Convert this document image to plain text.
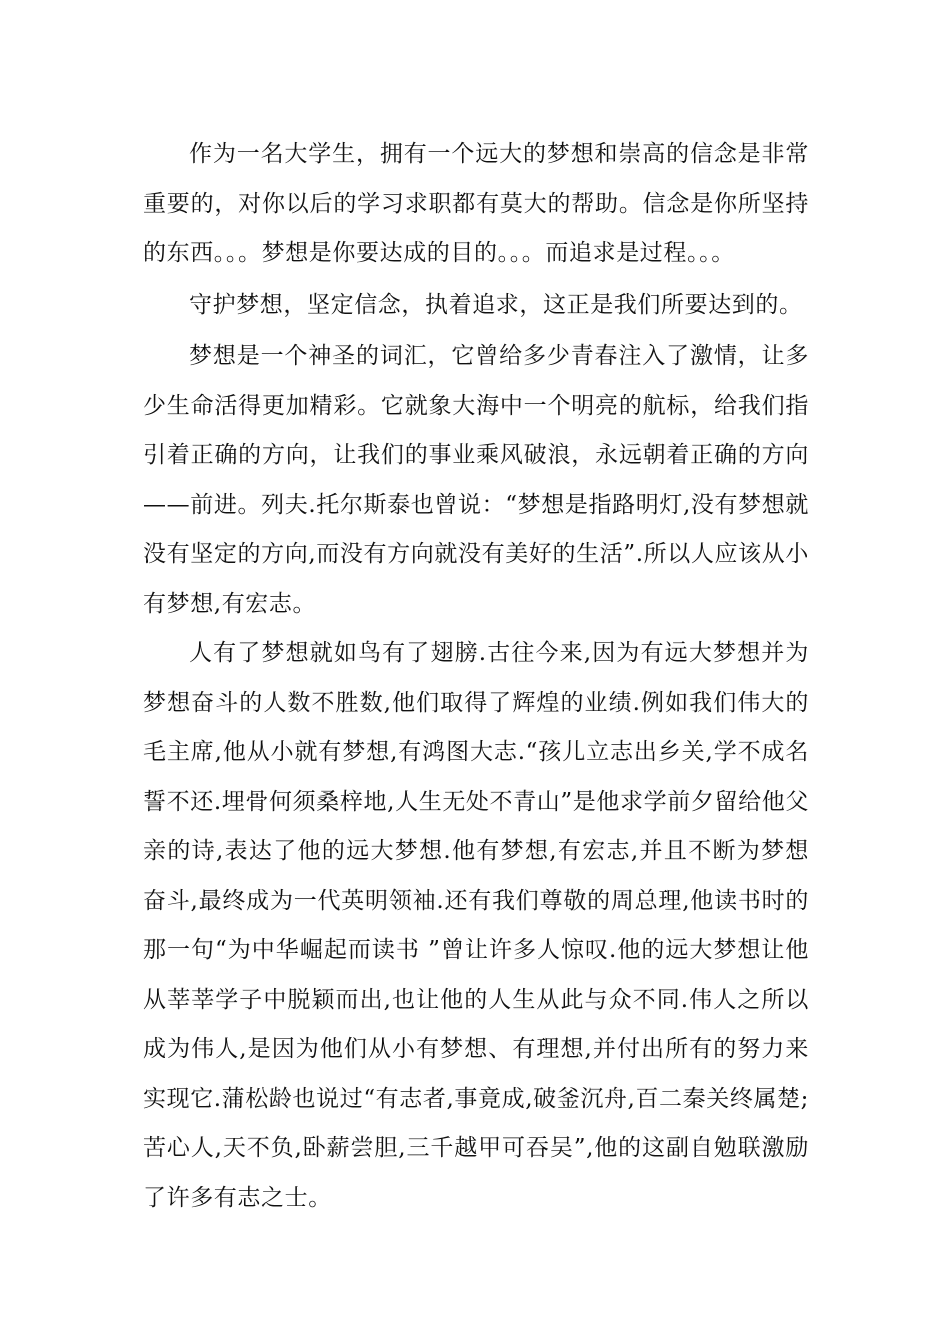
作为一名大学生，拥有一个远大的梦想和崇高的信念是非常重要的，对你以后的学习求职都有莫大的帮助。信念是你所坚持的东西。。。梦想是你要达成的目的。。。而追求是过程。。。

守护梦想，坚定信念，执着追求，这正是我们所要达到的。

梦想是一个神圣的词汇，它曾给多少青春注入了激情，让多少生命活得更加精彩。它就象大海中一个明亮的航标，给我们指引着正确的方向，让我们的事业乘风破浪，永远朝着正确的方向——前进。列夫.托尔斯泰也曾说：“梦想是指路明灯,没有梦想就没有坚定的方向,而没有方向就没有美好的生活”.所以人应该从小有梦想,有宏志。

人有了梦想就如鸟有了翅膀.古往今来,因为有远大梦想并为梦想奋斗的人数不胜数,他们取得了辉煌的业绩.例如我们伟大的毛主席,他从小就有梦想,有鸿图大志.“孩儿立志出乡关,学不成名誓不还.埋骨何须桑梓地,人生无处不青山”是他求学前夕留给他父亲的诗,表达了他的远大梦想.他有梦想,有宏志,并且不断为梦想奋斗,最终成为一代英明领袖.还有我们尊敬的周总理,他读书时的那一句“为中华崛起而读书 ”曾让许多人惊叹.他的远大梦想让他从莘莘学子中脱颖而出,也让他的人生从此与众不同.伟人之所以成为伟人,是因为他们从小有梦想、有理想,并付出所有的努力来实现它.蒲松龄也说过“有志者,事竟成,破釜沉舟,百二秦关终属楚;苦心人,天不负,卧薪尝胆,三千越甲可吞吴”,他的这副自勉联激励了许多有志之士。
